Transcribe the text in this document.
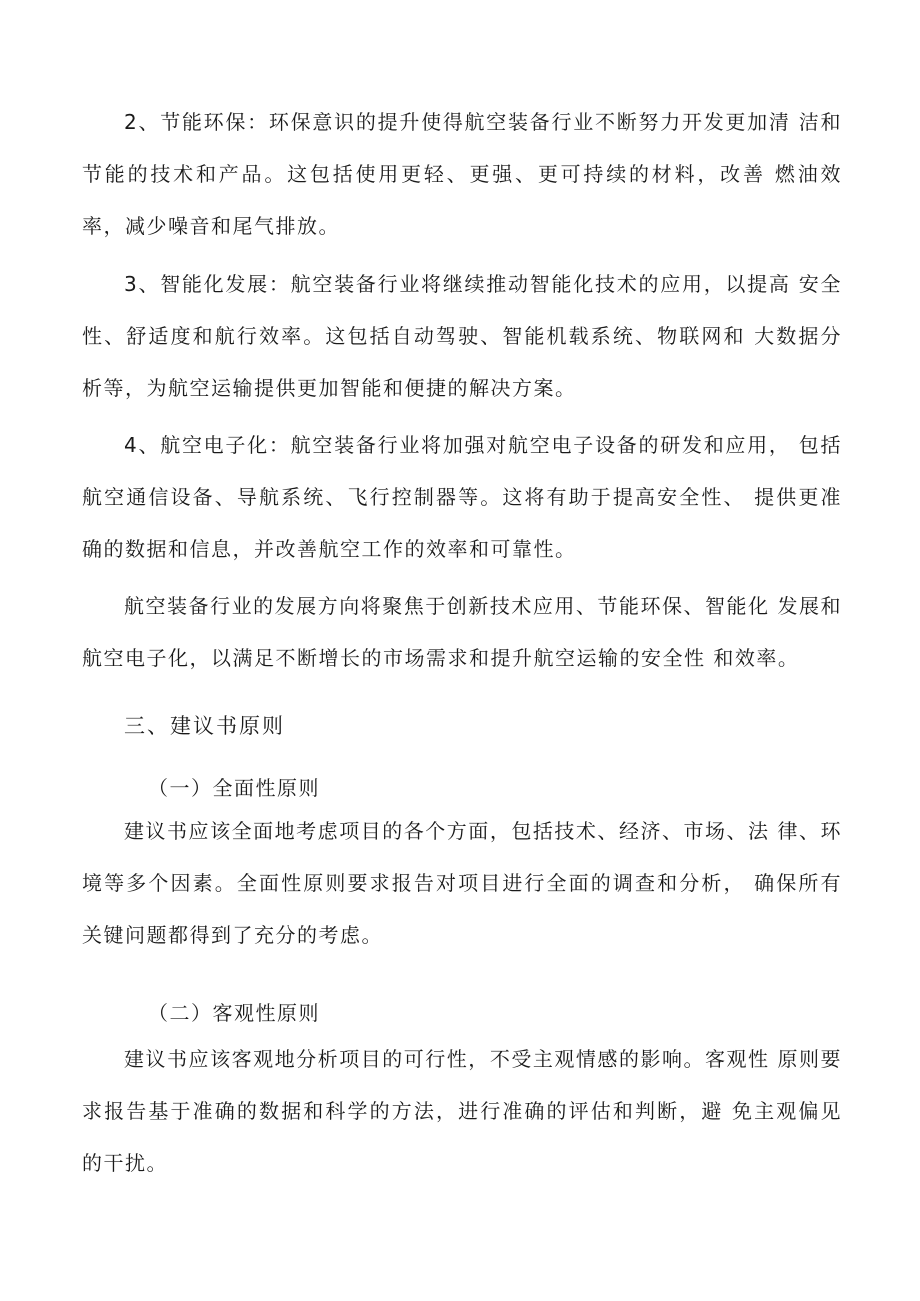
2、节能环保：环保意识的提升使得航空装备行业不断努力开发更加清 洁和节能的技术和产品。这包括使用更轻、更强、更可持续的材料，改善 燃油效率，减少噪音和尾气排放。

3、智能化发展：航空装备行业将继续推动智能化技术的应用，以提高 安全性、舒适度和航行效率。这包括自动驾驶、智能机载系统、物联网和 大数据分析等，为航空运输提供更加智能和便捷的解决方案。

4、航空电子化：航空装备行业将加强对航空电子设备的研发和应用， 包括航空通信设备、导航系统、飞行控制器等。这将有助于提高安全性、 提供更准确的数据和信息，并改善航空工作的效率和可靠性。

航空装备行业的发展方向将聚焦于创新技术应用、节能环保、智能化 发展和航空电子化，以满足不断增长的市场需求和提升航空运输的安全性 和效率。

三、建议书原则
（一）全面性原则

建议书应该全面地考虑项目的各个方面，包括技术、经济、市场、法 律、环境等多个因素。全面性原则要求报告对项目进行全面的调查和分析， 确保所有关键问题都得到了充分的考虑。

（二）客观性原则

建议书应该客观地分析项目的可行性，不受主观情感的影响。客观性 原则要求报告基于准确的数据和科学的方法，进行准确的评估和判断，避 免主观偏见的干扰。
